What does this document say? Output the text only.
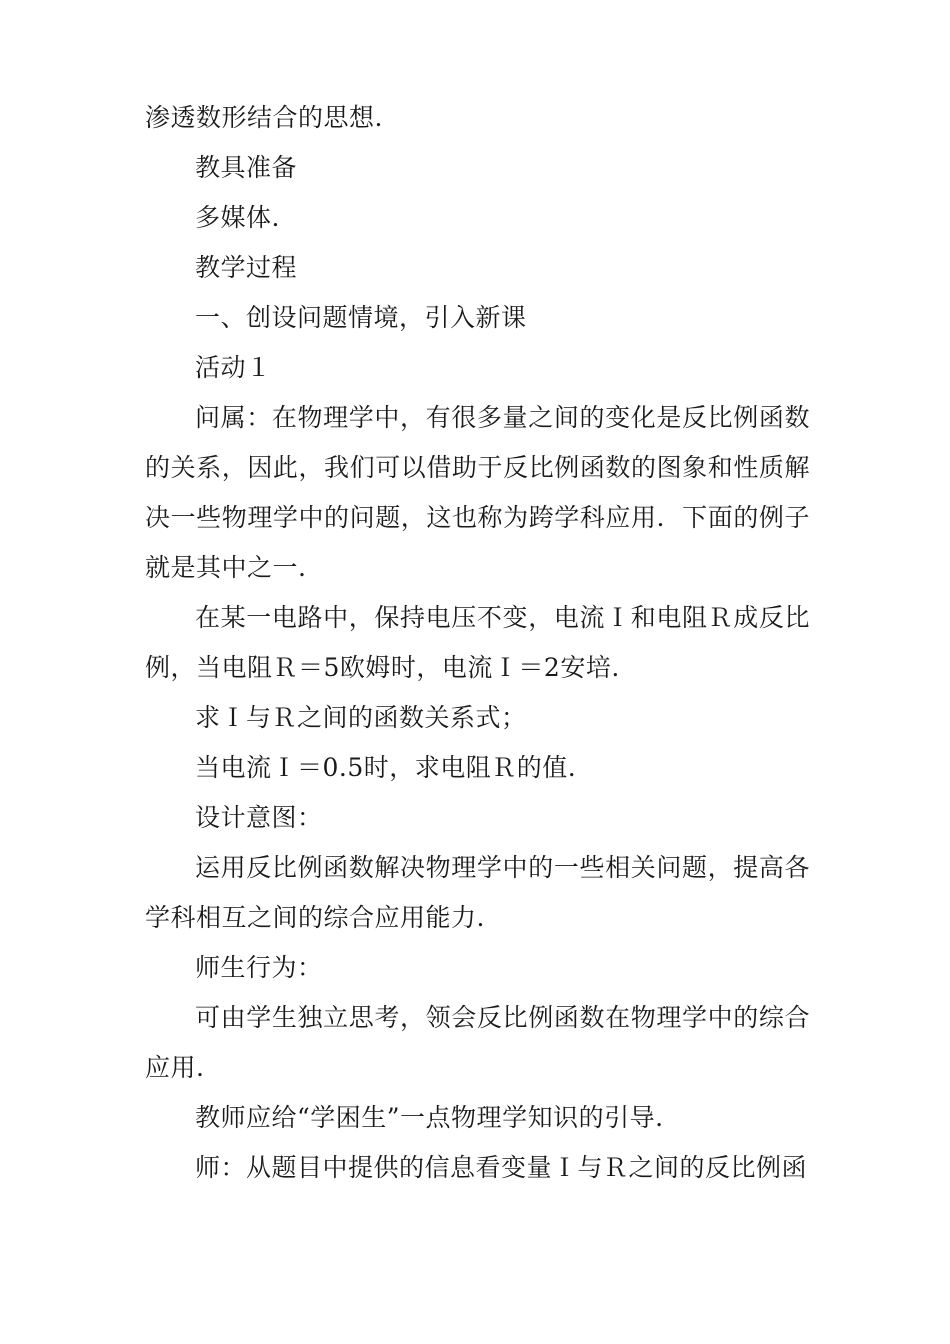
渗透数形结合的思想.

教具准备

多媒体.

教学过程

一、创设问题情境，引入新课

活动１

问属：在物理学中，有很多量之间的变化是反比例函数的关系，因此，我们可以借助于反比例函数的图象和性质解决一些物理学中的问题，这也称为跨学科应用．下面的例子就是其中之一.

在某一电路中，保持电压不变，电流Ｉ和电阻Ｒ成反比例，当电阻Ｒ＝5欧姆时，电流Ｉ＝2安培.

求Ｉ与Ｒ之间的函数关系式；

当电流Ｉ＝0.5时，求电阻Ｒ的值.

设计意图：

运用反比例函数解决物理学中的一些相关问题，提高各学科相互之间的综合应用能力.

师生行为：

可由学生独立思考，领会反比例函数在物理学中的综合应用.

教师应给“学困生”一点物理学知识的引导.

师：从题目中提供的信息看变量Ｉ与Ｒ之间的反比例函
